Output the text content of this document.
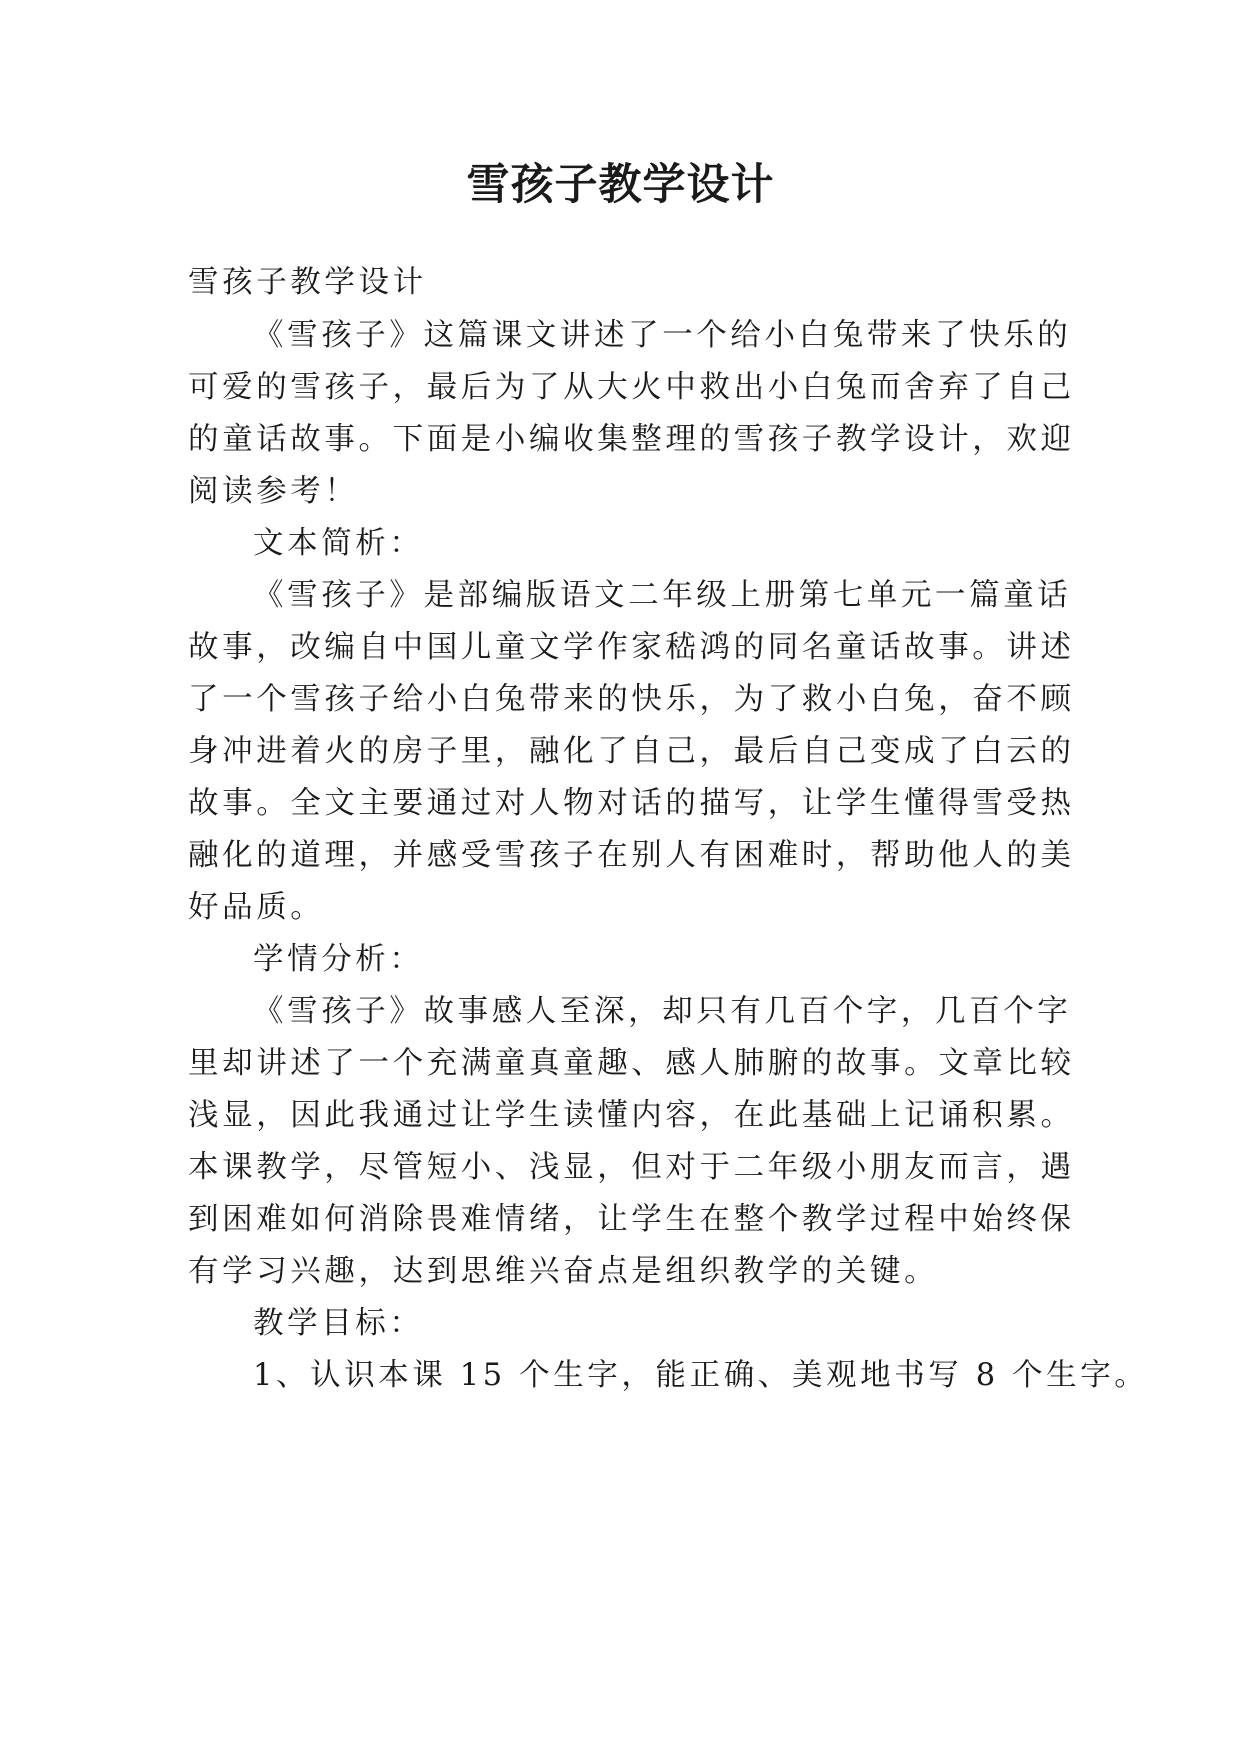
雪孩子教学设计
雪孩子教学设计
《雪孩子》这篇课文讲述了一个给小白兔带来了快乐的
可爱的雪孩子，最后为了从大火中救出小白兔而舍弃了自己
的童话故事。下面是小编收集整理的雪孩子教学设计，欢迎
阅读参考！
文本简析：
《雪孩子》是部编版语文二年级上册第七单元一篇童话
故事，改编自中国儿童文学作家嵇鸿的同名童话故事。讲述
了一个雪孩子给小白兔带来的快乐，为了救小白兔，奋不顾
身冲进着火的房子里，融化了自己，最后自己变成了白云的
故事。全文主要通过对人物对话的描写，让学生懂得雪受热
融化的道理，并感受雪孩子在别人有困难时，帮助他人的美
好品质。
学情分析：
《雪孩子》故事感人至深，却只有几百个字，几百个字
里却讲述了一个充满童真童趣、感人肺腑的故事。文章比较
浅显，因此我通过让学生读懂内容，在此基础上记诵积累。
本课教学，尽管短小、浅显，但对于二年级小朋友而言，遇
到困难如何消除畏难情绪，让学生在整个教学过程中始终保
有学习兴趣，达到思维兴奋点是组织教学的关键。
教学目标：
1、认识本课 15 个生字，能正确、美观地书写 8 个生字。
